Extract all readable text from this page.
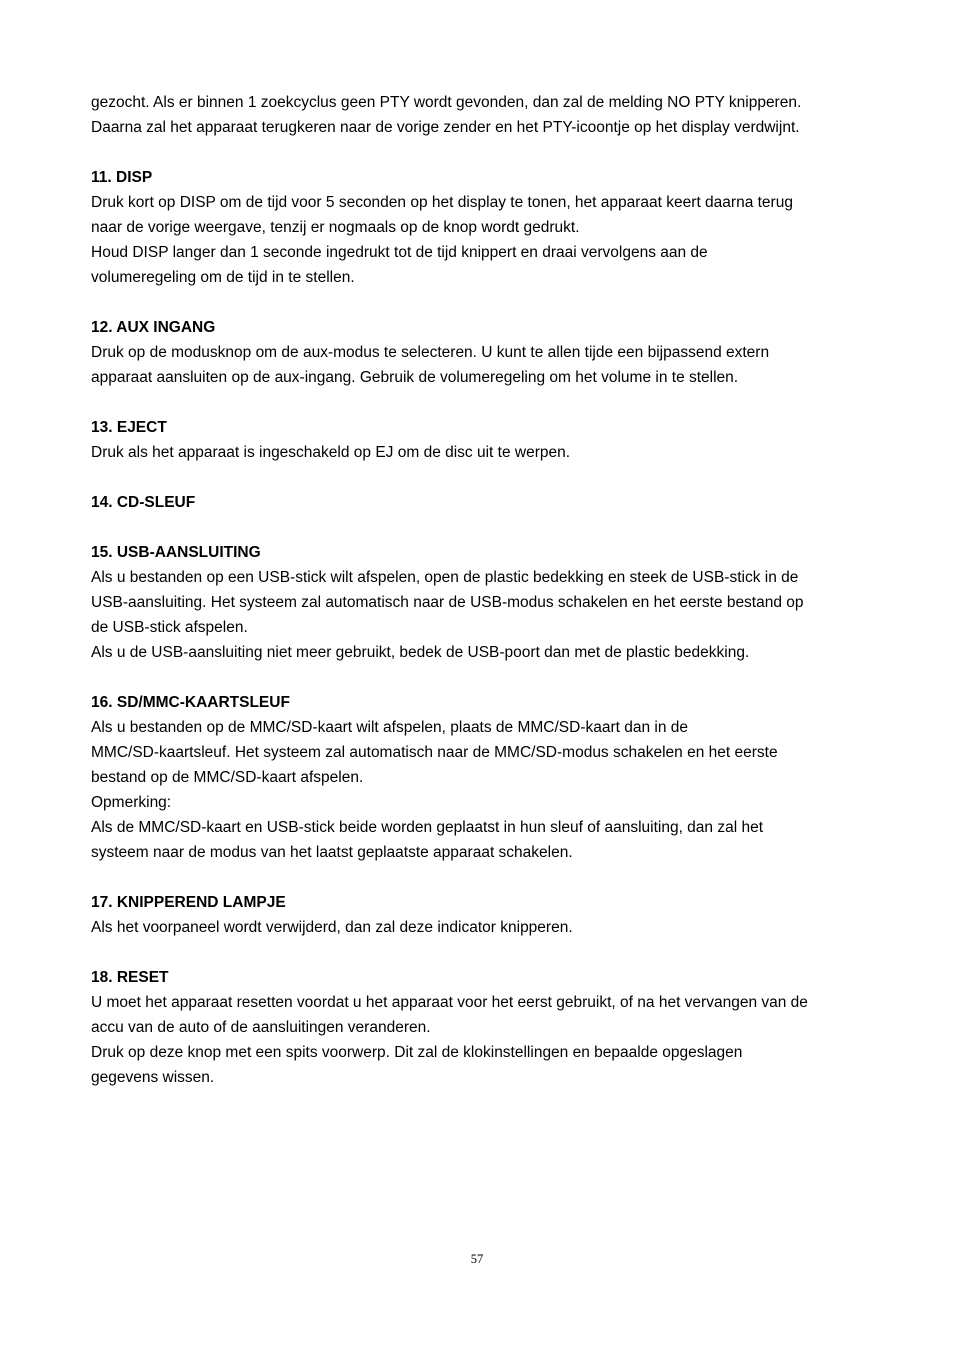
gezocht. Als er binnen 1 zoekcyclus geen PTY wordt gevonden, dan zal de melding NO PTY knipperen.
Daarna zal het apparaat terugkeren naar de vorige zender en het PTY-icoontje op het display verdwijnt.
11. DISP
Druk kort op DISP om de tijd voor 5 seconden op het display te tonen, het apparaat keert daarna terug
naar de vorige weergave, tenzij er nogmaals op de knop wordt gedrukt.
Houd DISP langer dan 1 seconde ingedrukt tot de tijd knippert en draai vervolgens aan de
volumeregeling om de tijd in te stellen.
12. AUX INGANG
Druk op de modusknop om de aux-modus te selecteren. U kunt te allen tijde een bijpassend extern
apparaat aansluiten op de aux-ingang. Gebruik de volumeregeling om het volume in te stellen.
13. EJECT
Druk als het apparaat is ingeschakeld op EJ om de disc uit te werpen.
14. CD-SLEUF
15. USB-AANSLUITING
Als u bestanden op een USB-stick wilt afspelen, open de plastic bedekking en steek de USB-stick in de
USB-aansluiting. Het systeem zal automatisch naar de USB-modus schakelen en het eerste bestand op
de USB-stick afspelen.
Als u de USB-aansluiting niet meer gebruikt, bedek de USB-poort dan met de plastic bedekking.
16. SD/MMC-KAARTSLEUF
Als u bestanden op de MMC/SD-kaart wilt afspelen, plaats de MMC/SD-kaart dan in de
MMC/SD-kaartsleuf. Het systeem zal automatisch naar de MMC/SD-modus schakelen en het eerste
bestand op de MMC/SD-kaart afspelen.
Opmerking:
Als de MMC/SD-kaart en USB-stick beide worden geplaatst in hun sleuf of aansluiting, dan zal het
systeem naar de modus van het laatst geplaatste apparaat schakelen.
17. KNIPPEREND LAMPJE
Als het voorpaneel wordt verwijderd, dan zal deze indicator knipperen.
18. RESET
U moet het apparaat resetten voordat u het apparaat voor het eerst gebruikt, of na het vervangen van de
accu van de auto of de aansluitingen veranderen.
Druk op deze knop met een spits voorwerp. Dit zal de klokinstellingen en bepaalde opgeslagen
gegevens wissen.
57
